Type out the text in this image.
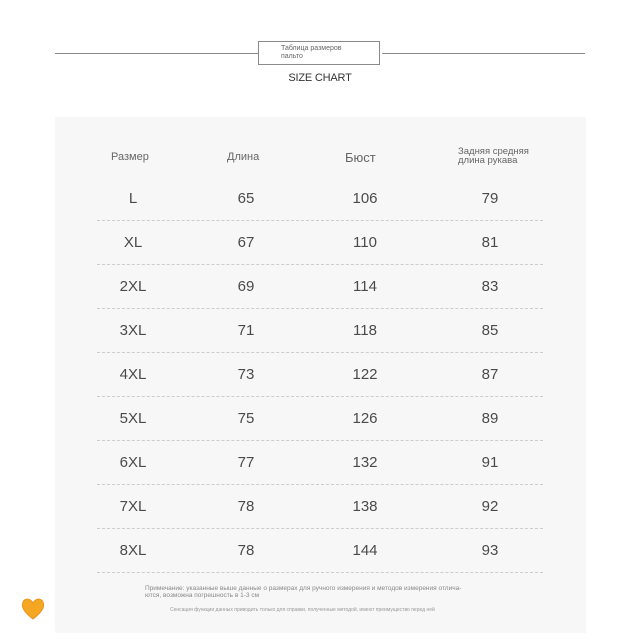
Таблица размеров
пальто
SIZE CHART
Размер	Длина	Бюст	Задняя средняя
длина рукава
L	65	106	79
XL	67	110	81
2XL	69	114	83
3XL	71	118	85
4XL	73	122	87
5XL	75	126	89
6XL	77	132	91
7XL	78	138	92
8XL	78	144	93
Примечание: указанные выше данные о размерах для ручного измерения и методов измерения отлича-
ются, возможна погрешность в 1-3 см
Сенсация функции данных приводить только для справки, полученные методой, имеют преимущество перед ней
